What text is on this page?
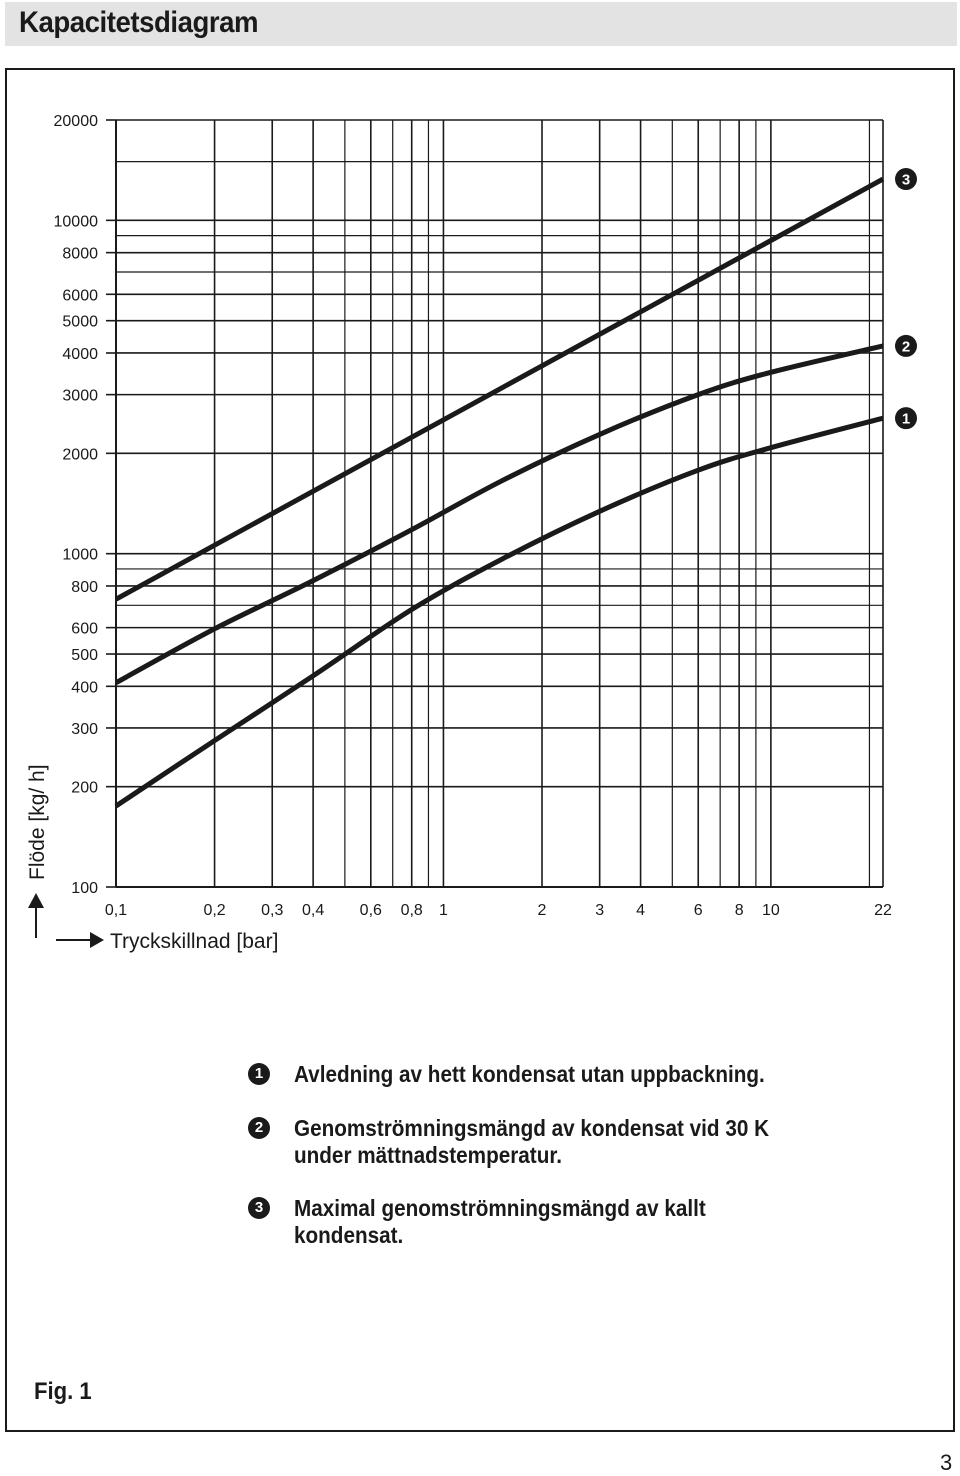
Kapacitetsdiagram
100
200
300
400
500
600
800
1000
2000
3000
4000
5000
6000
8000
10000
20000
0,1	0,2 0,3 0,4 0,6 0,8 1	2	3 4	6 8 10	22
Tryckskillnad [bar]
Flöde [kg/ h]
1
2
3
1 Avledning av hett kondensat utan uppbackning.
2 Genomströmningsmängd av kondensat vid 30 K under mättnadstemperatur.
3 Maximal genomströmningsmängd av kallt kondensat.
Fig. 1
3
